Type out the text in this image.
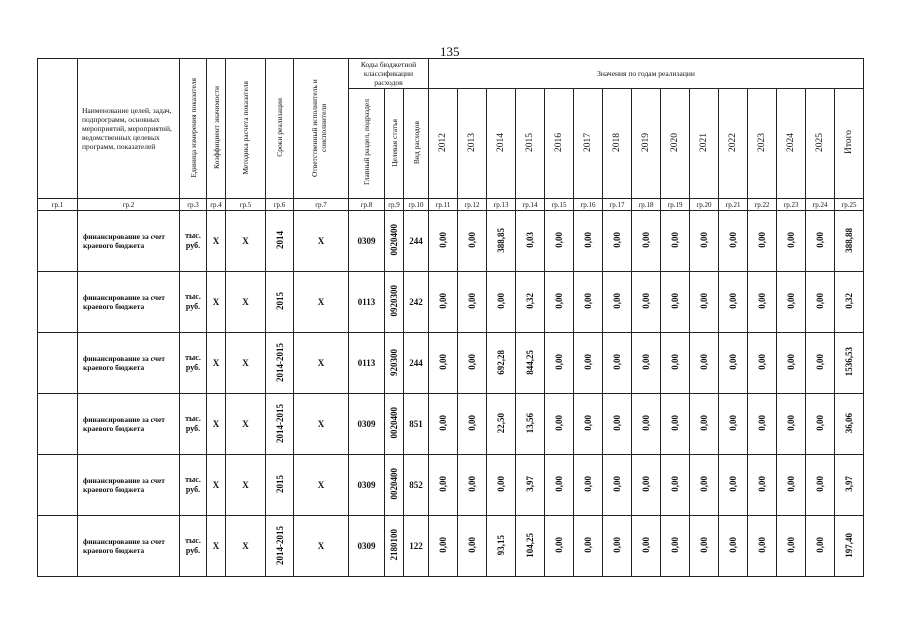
135
	Наименование целей, задач, подпрограмм, основных мероприятий, мероприятий, ведомственных целевых программ, показателей	Единица измерения показателя	Коэффициент значимости	Методика расчета показателя	Сроки реализации	Ответственный исполнитель и соисполнители	Коды бюджетной классификации расходов			Значения по годам реализации														
							Главный раздел, подраздел	Целевая статья	Вид расходов	2012	2013	2014	2015	2016	2017	2018	2019	2020	2021	2022	2023	2024	2025	Итого
гр.1	гр.2	гр.3	гр.4	гр.5	гр.6	гр.7	гр.8	гр.9	гр.10	гр.11	гр.12	гр.13	гр.14	гр.15	гр.16	гр.17	гр.18	гр.19	гр.20	гр.21	гр.22	гр.23	гр.24	гр.25
	финансирование за счет краевого бюджета	тыс. руб.	X	X	2014	X	0309	0020400	244	0,00	0,00	388,85	0,03	0,00	0,00	0,00	0,00	0,00	0,00	0,00	0,00	0,00	0,00	388,88
	финансирование за счет краевого бюджета	тыс. руб.	X	X	2015	X	0113	0920300	242	0,00	0,00	0,00	0,32	0,00	0,00	0,00	0,00	0,00	0,00	0,00	0,00	0,00	0,00	0,32
	финансирование за счет краевого бюджета	тыс. руб.	X	X	2014-2015	X	0113	920300	244	0,00	0,00	692,28	844,25	0,00	0,00	0,00	0,00	0,00	0,00	0,00	0,00	0,00	0,00	1536,53
	финансирование за счет краевого бюджета	тыс. руб.	X	X	2014-2015	X	0309	0020400	851	0,00	0,00	22,50	13,56	0,00	0,00	0,00	0,00	0,00	0,00	0,00	0,00	0,00	0,00	36,06
	финансирование за счет краевого бюджета	тыс. руб.	X	X	2015	X	0309	0020400	852	0,00	0,00	0,00	3,97	0,00	0,00	0,00	0,00	0,00	0,00	0,00	0,00	0,00	0,00	3,97
	финансирование за счет краевого бюджета	тыс. руб.	X	X	2014-2015	X	0309	2180100	122	0,00	0,00	93,15	104,25	0,00	0,00	0,00	0,00	0,00	0,00	0,00	0,00	0,00	0,00	197,40
